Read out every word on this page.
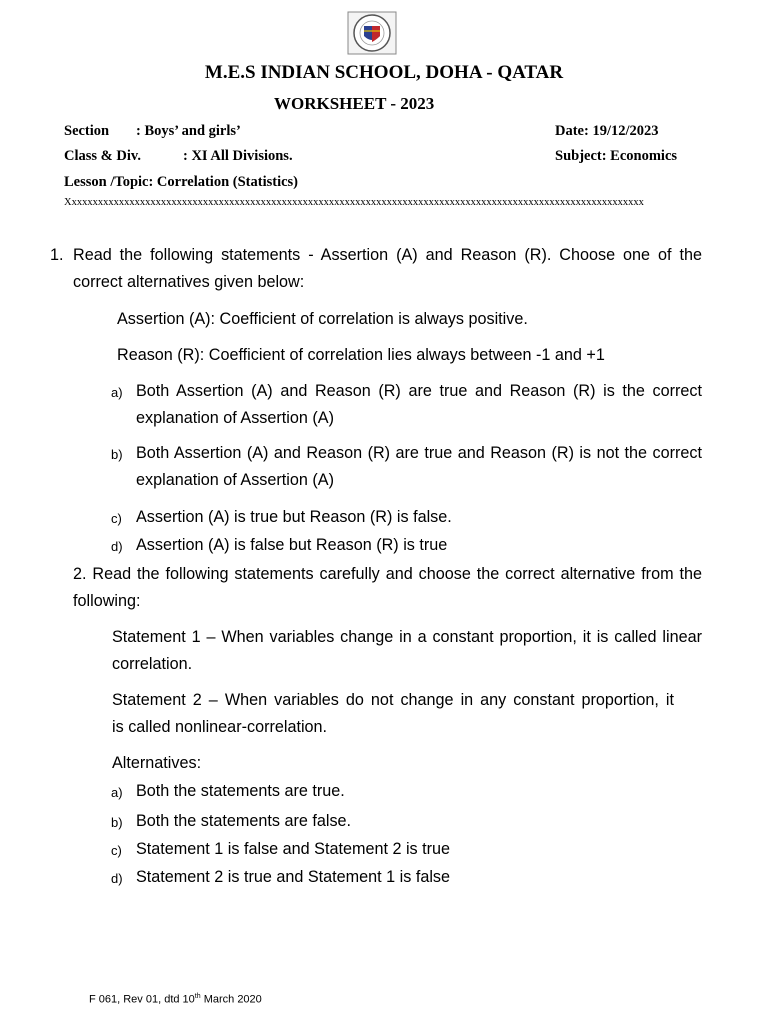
M.E.S INDIAN SCHOOL, DOHA - QATAR
WORKSHEET - 2023
Section : Boys’ and girls’	Date: 19/12/2023
Class & Div.	: XI All Divisions.	Subject: Economics
Lesson /Topic: Correlation (Statistics)
Xxxxxxxxxxxxxxxxxxxxxxxxxxxxxxxxxxxxxxxxxxxxxxxxxxxxxxxxxxxxxxxxxxxxxxxxxxxxxxxxxxxxxxxxxxxxxxxxxxxxxxxxxxxxxx
1. Read the following statements - Assertion (A) and Reason (R). Choose one of the
correct alternatives given below:
Assertion (A): Coefficient of correlation is always positive.
Reason (R): Coefficient of correlation lies always between -1 and +1
a) Both Assertion (A) and Reason (R) are true and Reason (R) is the correct
explanation of Assertion (A)
b) Both Assertion (A) and Reason (R) are true and Reason (R) is not the correct
explanation of Assertion (A)
c) Assertion (A) is true but Reason (R) is false.
d) Assertion (A) is false but Reason (R) is true
2. Read the following statements carefully and choose the correct alternative from the
following:
Statement 1 – When variables change in a constant proportion, it is called linear
correlation.
Statement 2 – When variables do not change in any constant proportion, it
is called nonlinear-correlation.
Alternatives:
a) Both the statements are true.
b) Both the statements are false.
c) Statement 1 is false and Statement 2 is true
d) Statement 2 is true and Statement 1 is false
F 061, Rev 01, dtd 10th March 2020
